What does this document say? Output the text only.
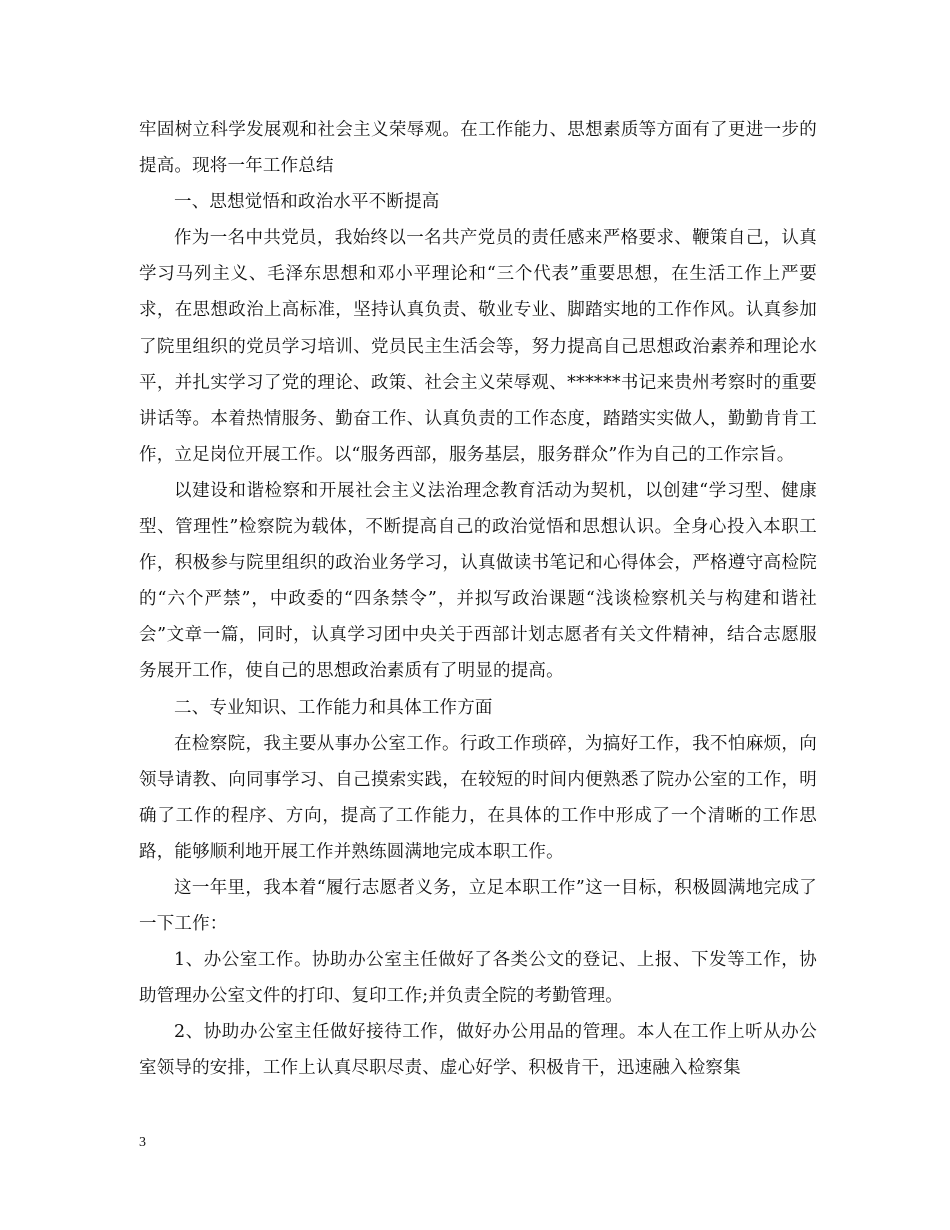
牢固树立科学发展观和社会主义荣辱观。在工作能力、思想素质等方面有了更进一步的提高。现将一年工作总结

一、思想觉悟和政治水平不断提高

作为一名中共党员，我始终以一名共产党员的责任感来严格要求、鞭策自己，认真学习马列主义、毛泽东思想和邓小平理论和“三个代表”重要思想，在生活工作上严要求，在思想政治上高标准，坚持认真负责、敬业专业、脚踏实地的工作作风。认真参加了院里组织的党员学习培训、党员民主生活会等，努力提高自己思想政治素养和理论水平，并扎实学习了党的理论、政策、社会主义荣辱观、******书记来贵州考察时的重要讲话等。本着热情服务、勤奋工作、认真负责的工作态度，踏踏实实做人，勤勤肯肯工作，立足岗位开展工作。以“服务西部，服务基层，服务群众”作为自己的工作宗旨。

以建设和谐检察和开展社会主义法治理念教育活动为契机，以创建“学习型、健康型、管理性”检察院为载体，不断提高自己的政治觉悟和思想认识。全身心投入本职工作，积极参与院里组织的政治业务学习，认真做读书笔记和心得体会，严格遵守高检院的“六个严禁”，中政委的“四条禁令”，并拟写政治课题“浅谈检察机关与构建和谐社会”文章一篇，同时，认真学习团中央关于西部计划志愿者有关文件精神，结合志愿服务展开工作，使自己的思想政治素质有了明显的提高。

二、专业知识、工作能力和具体工作方面

在检察院，我主要从事办公室工作。行政工作琐碎，为搞好工作，我不怕麻烦，向领导请教、向同事学习、自己摸索实践，在较短的时间内便熟悉了院办公室的工作，明确了工作的程序、方向，提高了工作能力，在具体的工作中形成了一个清晰的工作思路，能够顺利地开展工作并熟练圆满地完成本职工作。

这一年里，我本着“履行志愿者义务，立足本职工作”这一目标，积极圆满地完成了一下工作：

1、办公室工作。协助办公室主任做好了各类公文的登记、上报、下发等工作，协助管理办公室文件的打印、复印工作;并负责全院的考勤管理。

2、协助办公室主任做好接待工作，做好办公用品的管理。本人在工作上听从办公室领导的安排，工作上认真尽职尽责、虚心好学、积极肯干，迅速融入检察集

3
